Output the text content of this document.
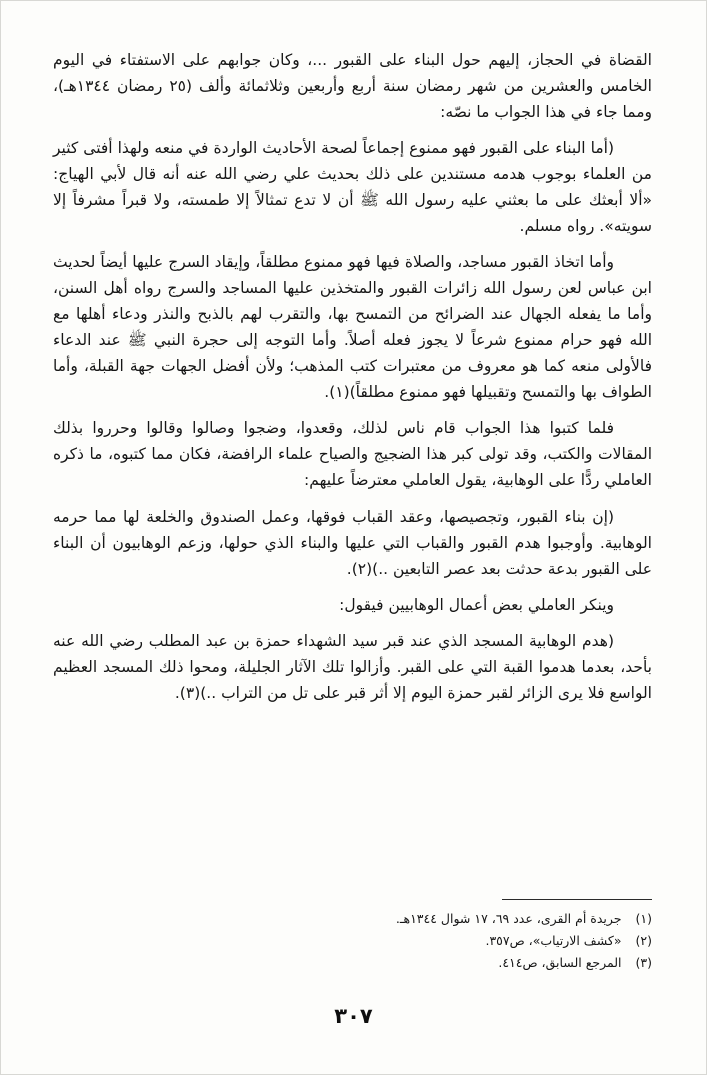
القضاة في الحجاز، إليهم حول البناء على القبور ...، وكان جوابهم على الاستفتاء في اليوم الخامس والعشرين من شهر رمضان سنة أربع وأربعين وثلاثمائة وألف (٢٥ رمضان ١٣٤٤هـ)، ومما جاء في هذا الجواب ما نصّه:

(أما البناء على القبور فهو ممنوع إجماعاً لصحة الأحاديث الواردة في منعه ولهذا أفتى كثير من العلماء بوجوب هدمه مستندين على ذلك بحديث علي رضي الله عنه أنه قال لأبي الهياج: «ألا أبعثك على ما بعثني عليه رسول الله ﷺ أن لا تدع تمثالاً إلا طمسته، ولا قبراً مشرفاً إلا سويته». رواه مسلم.

وأما اتخاذ القبور مساجد، والصلاة فيها فهو ممنوع مطلقاً، وإيقاد السرج عليها أيضاً لحديث ابن عباس لعن رسول الله زائرات القبور والمتخذين عليها المساجد والسرج رواه أهل السنن، وأما ما يفعله الجهال عند الضرائح من التمسح بها، والتقرب لهم بالذبح والنذر ودعاء أهلها مع الله فهو حرام ممنوع شرعاً لا يجوز فعله أصلاً. وأما التوجه إلى حجرة النبي ﷺ عند الدعاء فالأولى منعه كما هو معروف من معتبرات كتب المذهب؛ ولأن أفضل الجهات جهة القبلة، وأما الطواف بها والتمسح وتقبيلها فهو ممنوع مطلقاً)(١).

فلما كتبوا هذا الجواب قام ناس لذلك، وقعدوا، وضجوا وصالوا وقالوا وحرروا بذلك المقالات والكتب، وقد تولى كبر هذا الضجيج والصياح علماء الرافضة، فكان مما كتبوه، ما ذكره العاملي ردًّا على الوهابية، يقول العاملي معترضاً عليهم:

(إن بناء القبور، وتجصيصها، وعقد القباب فوقها، وعمل الصندوق والخلعة لها مما حرمه الوهابية. وأوجبوا هدم القبور والقباب التي عليها والبناء الذي حولها، وزعم الوهابيون أن البناء على القبور بدعة حدثت بعد عصر التابعين ..)(٢).

وينكر العاملي بعض أعمال الوهابيين فيقول:

(هدم الوهابية المسجد الذي عند قبر سيد الشهداء حمزة بن عبد المطلب رضي الله عنه بأحد، بعدما هدموا القبة التي على القبر. وأزالوا تلك الآثار الجليلة، ومحوا ذلك المسجد العظيم الواسع فلا يرى الزائر لقبر حمزة اليوم إلا أثر قبر على تل من التراب ..)(٣).

(١)
جريدة أم القرى، عدد ٦٩، ١٧ شوال ١٣٤٤هـ.
(٢)
«كشف الارتياب»، ص٣٥٧.
(٣)
المرجع السابق، ص٤١٤.
٣٠٧
